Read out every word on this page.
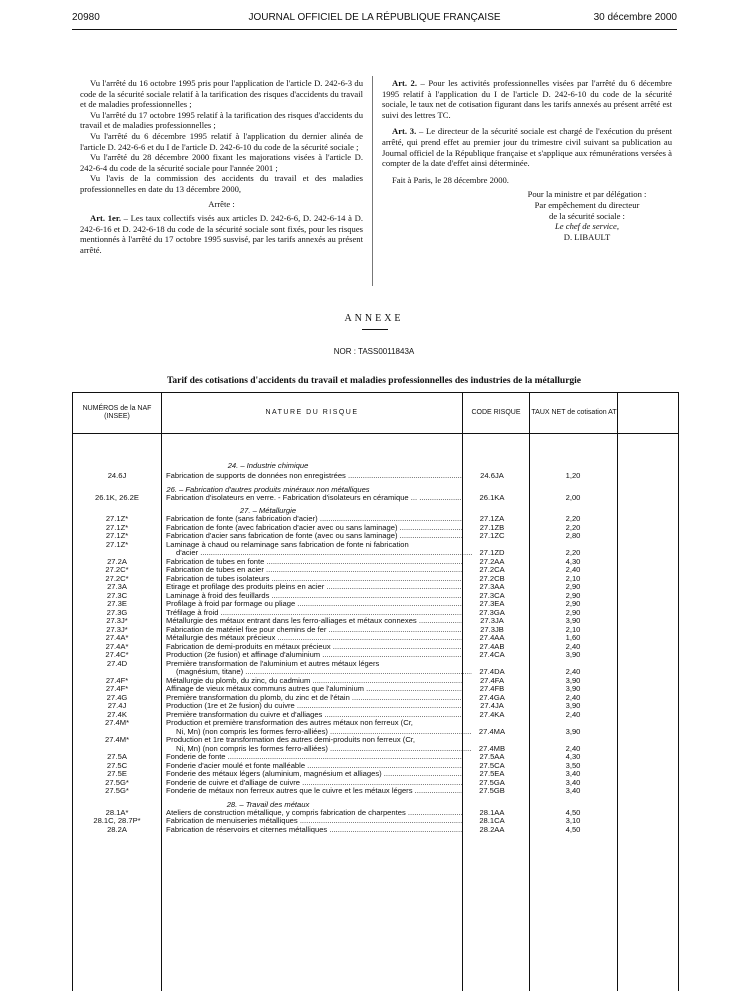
20980	JOURNAL OFFICIEL DE LA RÉPUBLIQUE FRANÇAISE	30 décembre 2000

Vu l'arrêté du 16 octobre 1995 pris pour l'application de l'article D. 242-6-3 du code de la sécurité sociale relatif à la tarification des risques d'accidents du travail et de maladies professionnelles ;

Vu l'arrêté du 17 octobre 1995 relatif à la tarification des risques d'accidents du travail et de maladies professionnelles ;

Vu l'arrêté du 6 décembre 1995 relatif à l'application du dernier alinéa de l'article D. 242-6-6 et du I de l'article D. 242-6-10 du code de la sécurité sociale ;

Vu l'arrêté du 28 décembre 2000 fixant les majorations visées à l'article D. 242-6-4 du code de la sécurité sociale pour l'année 2001 ;

Vu l'avis de la commission des accidents du travail et des maladies professionnelles en date du 13 décembre 2000,

Arrête :

Art. 1er. – Les taux collectifs visés aux articles D. 242-6-6, D. 242-6-14 à D. 242-6-16 et D. 242-6-18 du code de la sécurité sociale sont fixés, pour les risques mentionnés à l'arrêté du 17 octobre 1995 susvisé, par les tarifs annexés au présent arrêté.

Art. 2. – Pour les activités professionnelles visées par l'arrêté du 6 décembre 1995 relatif à l'application du I de l'article D. 242-6-10 du code de la sécurité sociale, le taux net de cotisation figurant dans les tarifs annexés au présent arrêté est suivi des lettres TC.

Art. 3. – Le directeur de la sécurité sociale est chargé de l'exécution du présent arrêté, qui prend effet au premier jour du trimestre civil suivant sa publication au Journal officiel de la République française et s'applique aux rémunérations versées à compter de la date d'effet ainsi déterminée.

Fait à Paris, le 28 décembre 2000.

Pour la ministre et par délégation :
Par empêchement du directeur
de la sécurité sociale :
Le chef de service,
D. LIBAULT
ANNEXE
NOR : TASS0011843A
Tarif des cotisations d'accidents du travail et maladies professionnelles des industries de la métallurgie
NUMÉROS de la NAF (INSEE)
NATURE DU RISQUE	CODE RISQUE	TAUX NET de cotisation AT
24. – Industrie chimique
24.6J	Fabrication de supports de données non enregistrées .....	24.6JA	1,20
26. – Fabrication d'autres produits minéraux non métalliques
26.1K, 26.2E	Fabrication d'isolateurs en verre. - Fabrication d'isolateurs en céramique ... .....	26.1KA	2,00
27. – Métallurgie
27.1Z*	Fabrication de fonte (sans fabrication d'acier) .....	27.1ZA	2,20
27.1Z*	Fabrication de fonte (avec fabrication d'acier avec ou sans laminage) .....	27.1ZB	2,20
27.1Z*	Fabrication d'acier sans fabrication de fonte (avec ou sans laminage) .....	27.1ZC	2,80
27.1Z*	Laminage à chaud ou relaminage sans fabrication de fonte ni fabrication
d'acier .....	27.1ZD	2,20
27.2A	Fabrication de tubes en fonte .....	27.2AA	4,30
27.2C*	Fabrication de tubes en acier .....	27.2CA	2,40
27.2C*	Fabrication de tubes isolateurs .....	27.2CB	2,10
27.3A	Etirage et profilage des produits pleins en acier .....	27.3AA	2,90
27.3C	Laminage à froid des feuillards .....	27.3CA	2,90
27.3E	Profilage à froid par formage ou pliage .....	27.3EA	2,90
27.3G	Tréfilage à froid .....	27.3GA	2,90
27.3J*	Métallurgie des métaux entrant dans les ferro-alliages et métaux connexes .....	27.3JA	3,90
27.3J*	Fabrication de matériel fixe pour chemins de fer .....	27.3JB	2,10
27.4A*	Métallurgie des métaux précieux .....	27.4AA	1,60
27.4A*	Fabrication de demi-produits en métaux précieux .....	27.4AB	2,40
27.4C*	Production (2e fusion) et affinage d'aluminium .....	27.4CA	3,90
27.4D	Première transformation de l'aluminium et autres métaux légers
(magnésium, titane) .....	27.4DA	2,40
27.4F*	Métallurgie du plomb, du zinc, du cadmium .....	27.4FA	3,90
27.4F*	Affinage de vieux métaux communs autres que l'aluminium .....	27.4FB	3,90
27.4G	Première transformation du plomb, du zinc et de l'étain .....	27.4GA	2,40
27.4J	Production (1re et 2e fusion) du cuivre .....	27.4JA	3,90
27.4K	Première transformation du cuivre et d'alliages .....	27.4KA	2,40
27.4M*	Production et première transformation des autres métaux non ferreux (Cr,
Ni, Mn) (non compris les formes ferro-alliées) .....	27.4MA	3,90
27.4M*	Production et 1re transformation des autres demi-produits non ferreux (Cr,
Ni, Mn) (non compris les formes ferro-alliées) .....	27.4MB	2,40
27.5A	Fonderie de fonte .....	27.5AA	4,30
27.5C	Fonderie d'acier moulé et fonte malléable .....	27.5CA	3,50
27.5E	Fonderie des métaux légers (aluminium, magnésium et alliages) .....	27.5EA	3,40
27.5G*	Fonderie de cuivre et d'alliage de cuivre .....	27.5GA	3,40
27.5G*	Fonderie de métaux non ferreux autres que le cuivre et les métaux légers .....	27.5GB	3,40
28. – Travail des métaux
28.1A*	Ateliers de construction métallique, y compris fabrication de charpentes .....	28.1AA	4,50
28.1C, 28.7P*	Fabrication de menuiseries métalliques .....	28.1CA	3,10
28.2A	Fabrication de réservoirs et citernes métalliques .....	28.2AA	4,50
